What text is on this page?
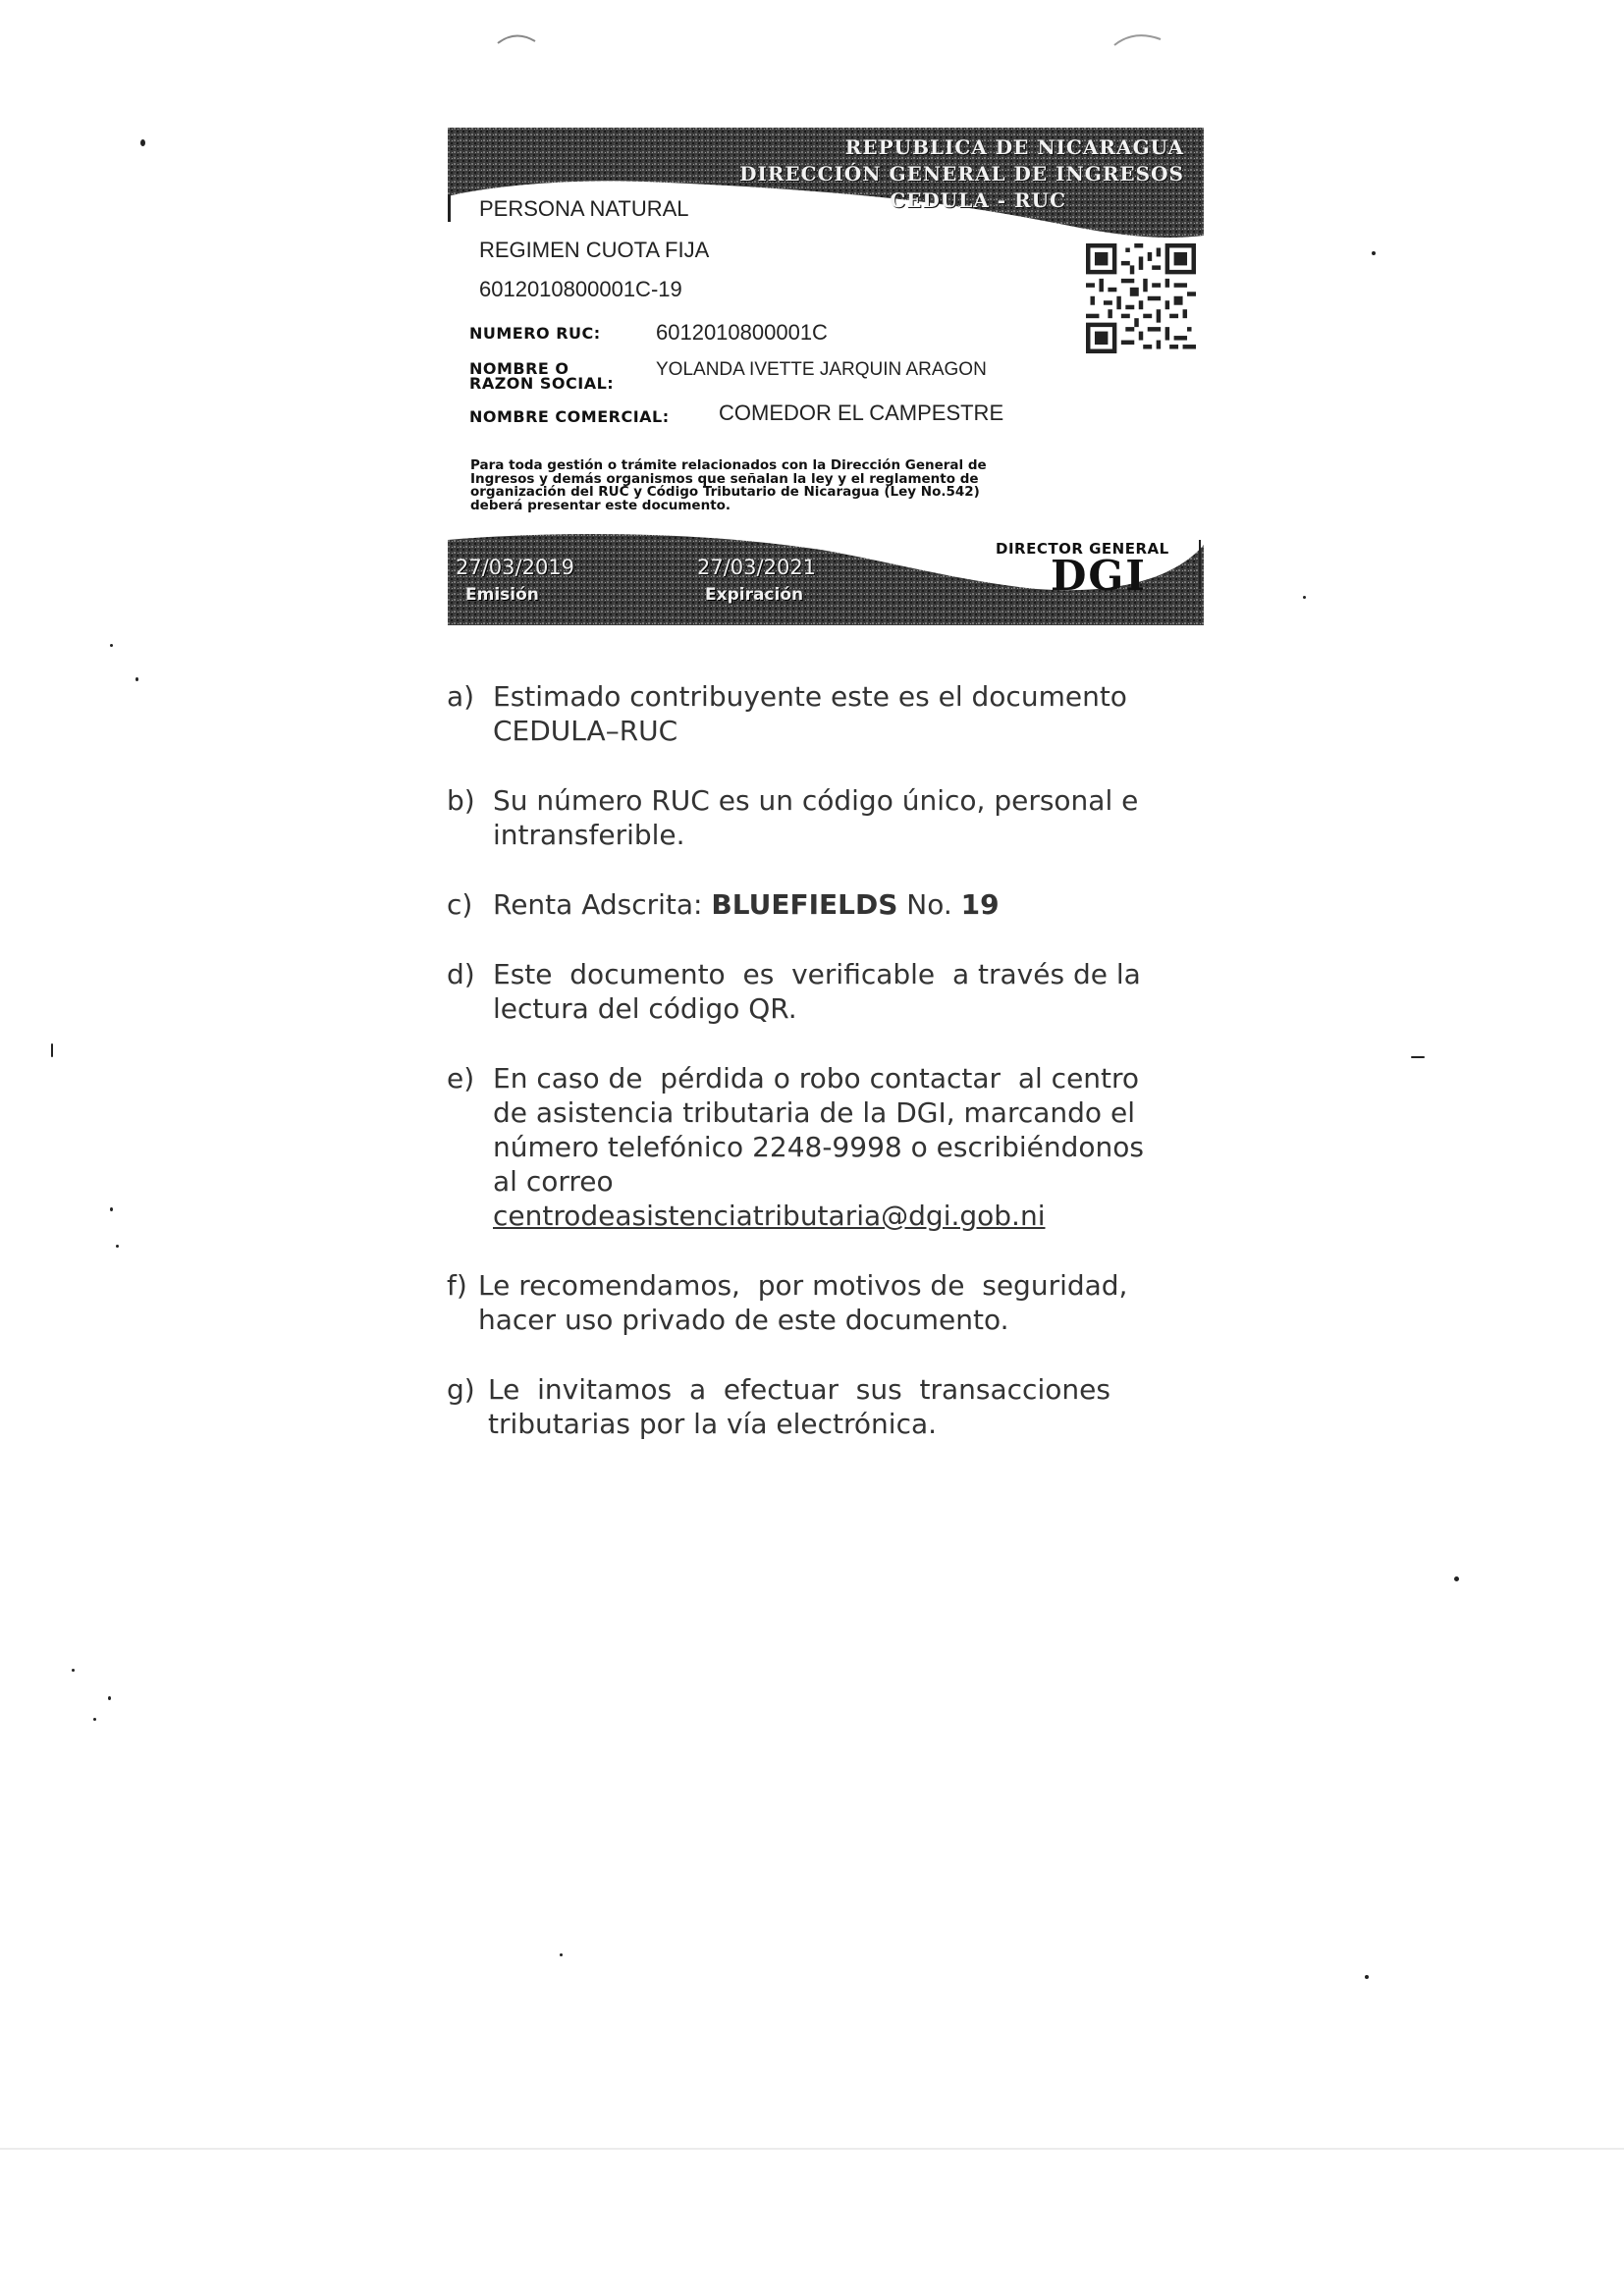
REPUBLICA DE NICARAGUA
DIRECCIÓN GENERAL DE INGRESOS
CEDULA - RUC
PERSONA NATURAL
REGIMEN CUOTA FIJA
6012010800001C-19
NUMERO RUC:	6012010800001C
NOMBRE O
RAZON SOCIAL:
YOLANDA IVETTE JARQUIN ARAGON
NOMBRE COMERCIAL: COMEDOR EL CAMPESTRE
Para toda gestión o trámite relacionados con la Dirección General de
Ingresos y demás organismos que señalan la ley y el reglamento de
organización del RUC y Código Tributario de Nicaragua (Ley No.542)
deberá presentar este documento.
27/03/2019
Emisión
27/03/2021
Expiración
DIRECTOR GENERAL
DGI
a) Estimado contribuyente este es el documento
CEDULA–RUC
b) Su número RUC es un código único, personal e
intransferible.
c) Renta Adscrita: BLUEFIELDS No. 19
d) Este  documento  es  verificable  a través de la
lectura del código QR.
e) En caso de  pérdida o robo contactar  al centro
de asistencia tributaria de la DGI, marcando el
número telefónico 2248-9998 o escribiéndonos
al correo
centrodeasistenciatributaria@dgi.gob.ni
f) Le recomendamos,  por motivos de  seguridad,
hacer uso privado de este documento.
g) Le  invitamos  a  efectuar  sus  transacciones
tributarias por la vía electrónica.
